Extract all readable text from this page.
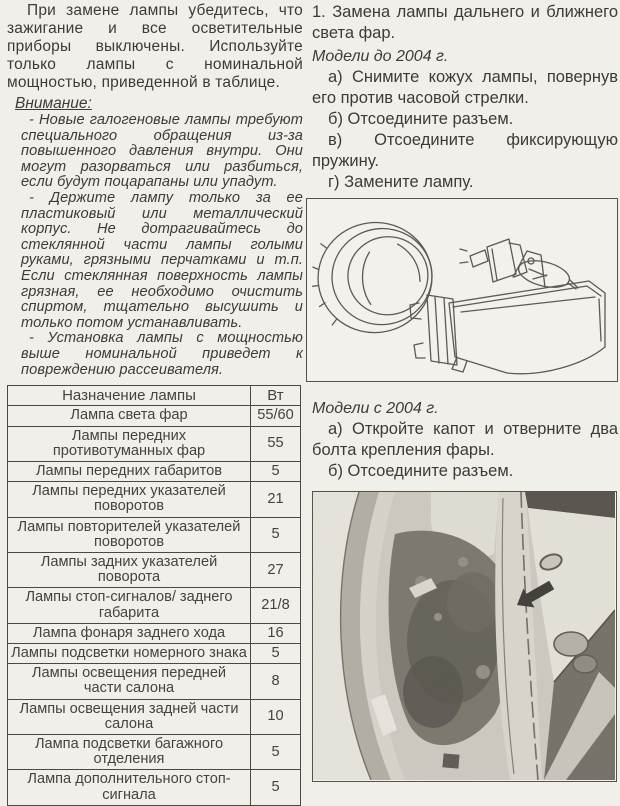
При замене лампы убедитесь, что зажигание и все осветительные приборы выключены. Используйте только лампы с номинальной мощностью, приведенной в таблице.

Внимание:

- Новые галогеновые лампы требуют специального обращения из-за повышенного давления внутри. Они могут разорваться или разбиться, если будут поцарапаны или упадут.

- Держите лампу только за ее пластиковый или металлический корпус. Не дотрагивайтесь до стеклянной части лампы голыми руками, грязными перчатками и т.п. Если стеклянная поверхность лампы грязная, ее необходимо очистить спиртом, тщательно высушить и только потом устанавливать.

- Установка лампы с мощностью выше номинальной приведет к повреждению рассеивателя.

Назначение лампы	Вт
Лампа света фар	55/60
Лампы передних противотуманных фар	55
Лампы передних габаритов	5
Лампы передних указателей поворотов	21
Лампы повторителей указателей поворотов	5
Лампы задних указателей поворота	27
Лампы стоп-сигналов/ заднего габарита	21/8
Лампа фонаря заднего хода	16
Лампы подсветки номерного знака	5
Лампы освещения передней части салона	8
Лампы освещения задней части салона	10
Лампа подсветки багажного отделения	5
Лампа дополнительного стоп-сигнала	5

1. Замена лампы дальнего и ближнего света фар.

Модели до 2004 г.

а) Снимите кожух лампы, повернув его против часовой стрелки.

б) Отсоедините разъем.

в) Отсоедините фиксирующую пружину.

г) Замените лампу.

Модели с 2004 г.

а) Откройте капот и отверните два болта крепления фары.

б) Отсоедините разъем.
